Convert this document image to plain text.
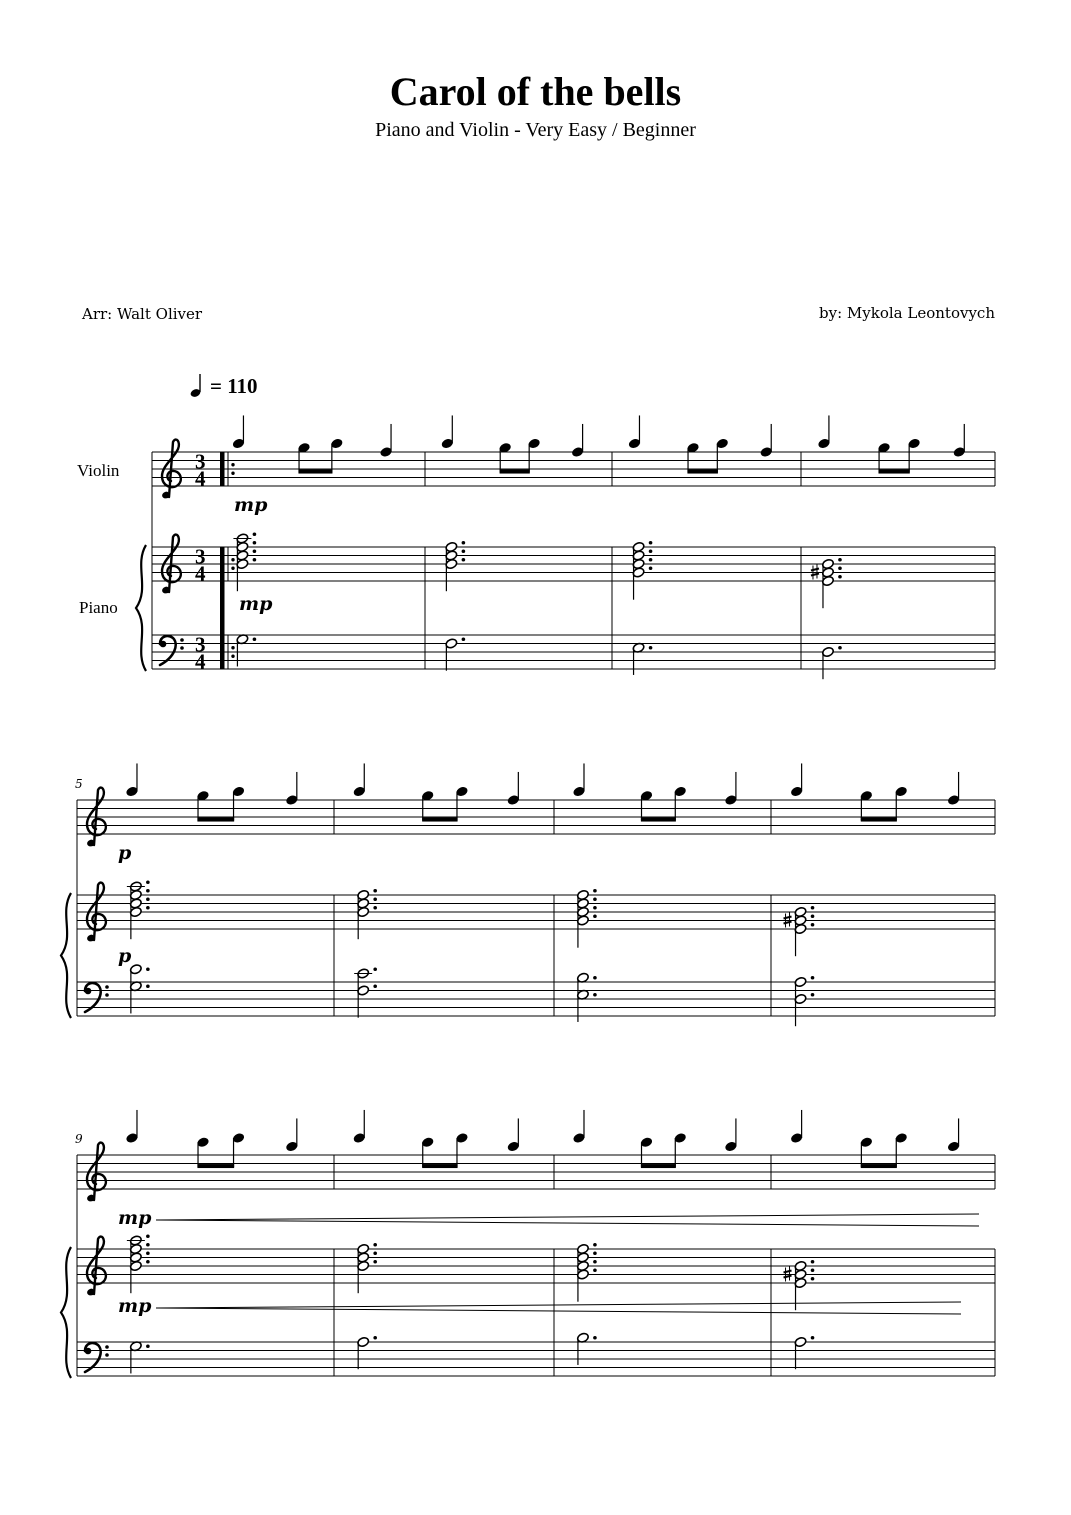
Carol of the bells
Piano and Violin - Very Easy / Beginner
Arr: Walt Oliver	by: Mykola Leontovych
= 110
Violin
Piano
3
4
3
4
3
4
mp
mp
5
p
p
9
mp
mp
